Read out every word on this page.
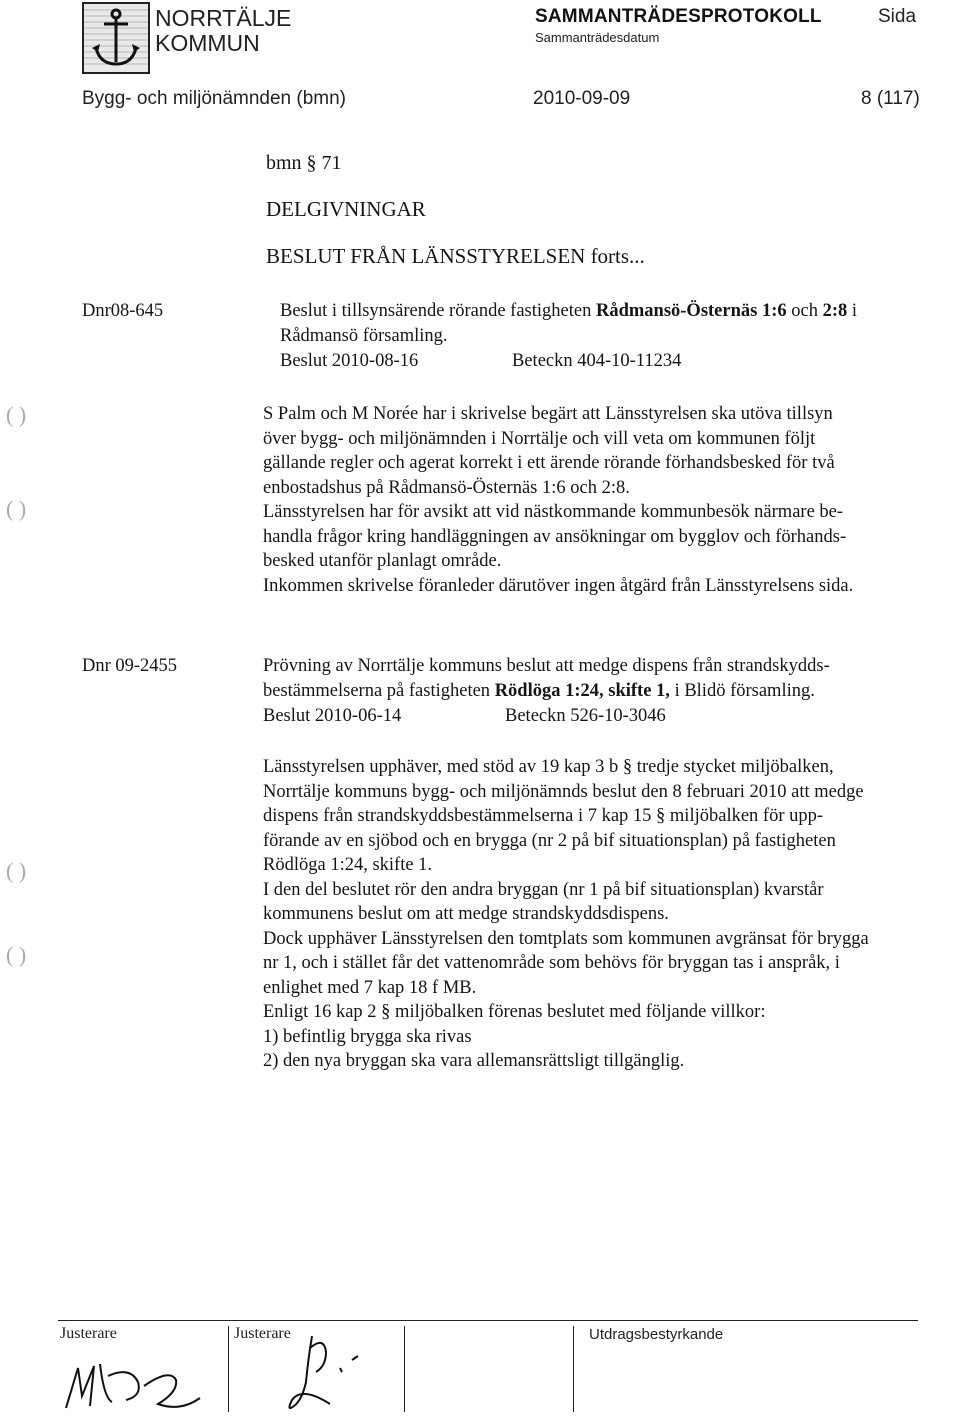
NORRTÄLJE
KOMMUN
SAMMANTRÄDESPROTOKOLL
Sammanträdesdatum
Sida
Bygg- och miljönämnden (bmn)	2010-09-09	8 (117)
bmn § 71
DELGIVNINGAR
BESLUT FRÅN LÄNSSTYRELSEN forts...
Dnr08-645	Beslut i tillsynsärende rörande fastigheten Rådmansö-Östernäs 1:6 och 2:8 i
Rådmansö församling.
Beslut 2010-08-16	Beteckn 404-10-11234
( )
( )
S Palm och M Norée har i skrivelse begärt att Länsstyrelsen ska utöva tillsyn
över bygg- och miljönämnden i Norrtälje och vill veta om kommunen följt
gällande regler och agerat korrekt i ett ärende rörande förhandsbesked för två
enbostadshus på Rådmansö-Östernäs 1:6 och 2:8.
Länsstyrelsen har för avsikt att vid nästkommande kommunbesök närmare be-
handla frågor kring handläggningen av ansökningar om bygglov och förhands-
besked utanför planlagt område.
Inkommen skrivelse föranleder därutöver ingen åtgärd från Länsstyrelsens sida.
Dnr 09-2455	Prövning av Norrtälje kommuns beslut att medge dispens från strandskydds-
bestämmelserna på fastigheten Rödlöga 1:24, skifte 1, i Blidö församling.
Beslut 2010-06-14	Beteckn 526-10-3046
( )
( )
Länsstyrelsen upphäver, med stöd av 19 kap 3 b § tredje stycket miljöbalken,
Norrtälje kommuns bygg- och miljönämnds beslut den 8 februari 2010 att medge
dispens från strandskyddsbestämmelserna i 7 kap 15 § miljöbalken för upp-
förande av en sjöbod och en brygga (nr 2 på bif situationsplan) på fastigheten
Rödlöga 1:24, skifte 1.
I den del beslutet rör den andra bryggan (nr 1 på bif situationsplan) kvarstår
kommunens beslut om att medge strandskyddsdispens.
Dock upphäver Länsstyrelsen den tomtplats som kommunen avgränsat för brygga
nr 1, och i stället får det vattenområde som behövs för bryggan tas i anspråk, i
enlighet med 7 kap 18 f MB.
Enligt 16 kap 2 § miljöbalken förenas beslutet med följande villkor:
1) befintlig brygga ska rivas
2) den nya bryggan ska vara allemansrättsligt tillgänglig.
Justerare	Justerare	Utdragsbestyrkande
